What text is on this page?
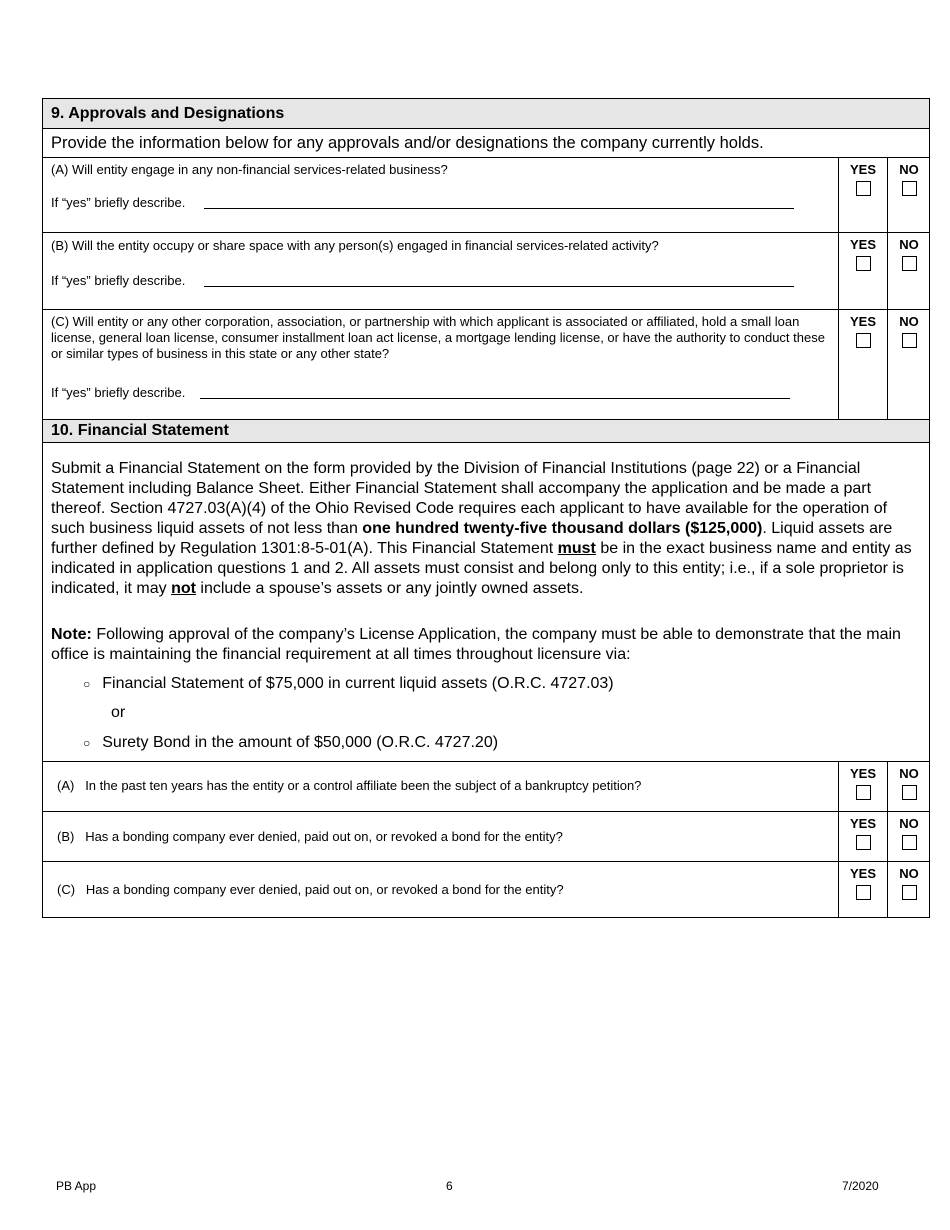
9. Approvals and Designations
Provide the information below for any approvals and/or designations the company currently holds.
(A) Will entity engage in any non-financial services-related business?
If “yes” briefly describe.
YES	NO
(B) Will the entity occupy or share space with any person(s) engaged in financial services-related activity?
If “yes” briefly describe.
YES	NO
(C) Will entity or any other corporation, association, or partnership with which applicant is associated or affiliated, hold a small loan license, general loan license, consumer installment loan act license, a mortgage lending license, or have the authority to conduct these or similar types of business in this state or any other state?
If “yes” briefly describe.
YES	NO
10. Financial Statement
Submit a Financial Statement on the form provided by the Division of Financial Institutions (page 22) or a Financial Statement including Balance Sheet. Either Financial Statement shall accompany the application and be made a part thereof. Section 4727.03(A)(4) of the Ohio Revised Code requires each applicant to have available for the operation of such business liquid assets of not less than one hundred twenty-five thousand dollars ($125,000). Liquid assets are further defined by Regulation 1301:8-5-01(A). This Financial Statement must be in the exact business name and entity as indicated in application questions 1 and 2. All assets must consist and belong only to this entity; i.e., if a sole proprietor is indicated, it may not include a spouse’s assets or any jointly owned assets.
Note: Following approval of the company’s License Application, the company must be able to demonstrate that the main office is maintaining the financial requirement at all times throughout licensure via:
○ Financial Statement of $75,000 in current liquid assets (O.R.C. 4727.03)
or
○ Surety Bond in the amount of $50,000 (O.R.C. 4727.20)
(A) In the past ten years has the entity or a control affiliate been the subject of a bankruptcy petition?
YES	NO
(B) Has a bonding company ever denied, paid out on, or revoked a bond for the entity?
YES	NO
(C) Has a bonding company ever denied, paid out on, or revoked a bond for the entity?
YES	NO
PB App	6	7/2020
